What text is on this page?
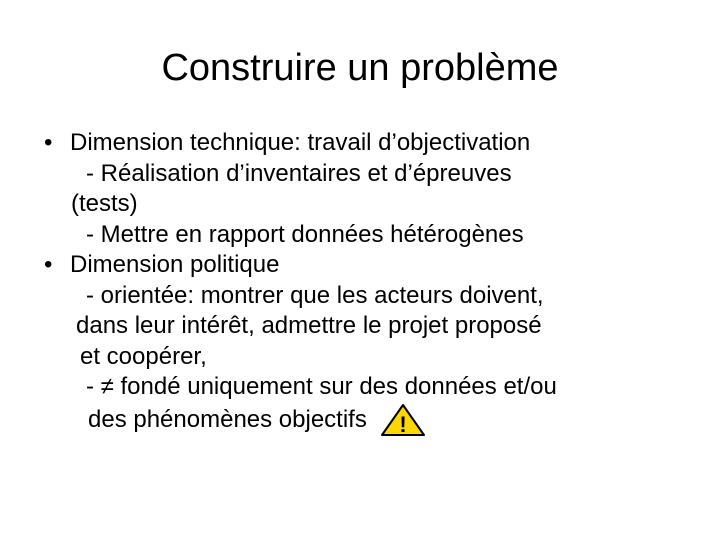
Construire un problème
• Dimension technique: travail d’objectivation
- Réalisation d’inventaires et d’épreuves
(tests)
- Mettre en rapport données hétérogènes
• Dimension politique
- orientée: montrer que les acteurs doivent,
dans leur intérêt, admettre le projet proposé
et coopérer,
- ≠ fondé uniquement sur des données et/ou
des phénomènes objectifs !
